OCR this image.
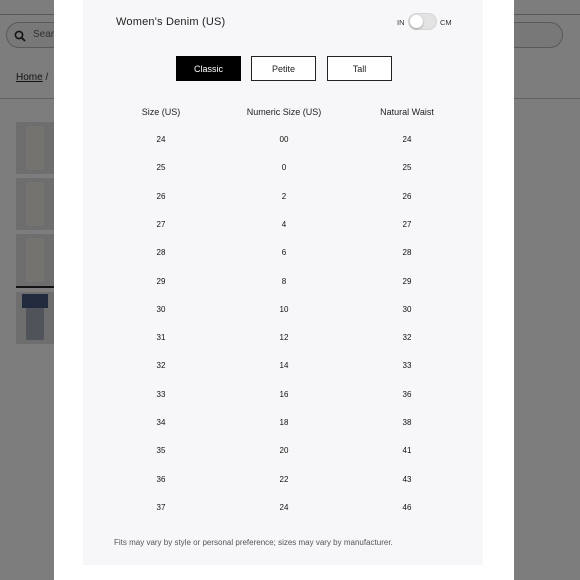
Sear
Home /
Women's Denim (US)	IN	CM
Classic	Petite	Tall
Size (US)	Numeric Size (US)	Natural Waist
24	00	24
25	0	25
26	2	26
27	4	27
28	6	28
29	8	29
30	10	30
31	12	32
32	14	33
33	16	36
34	18	38
35	20	41
36	22	43
37	24	46

Fits may vary by style or personal preference; sizes may vary by manufacturer.
